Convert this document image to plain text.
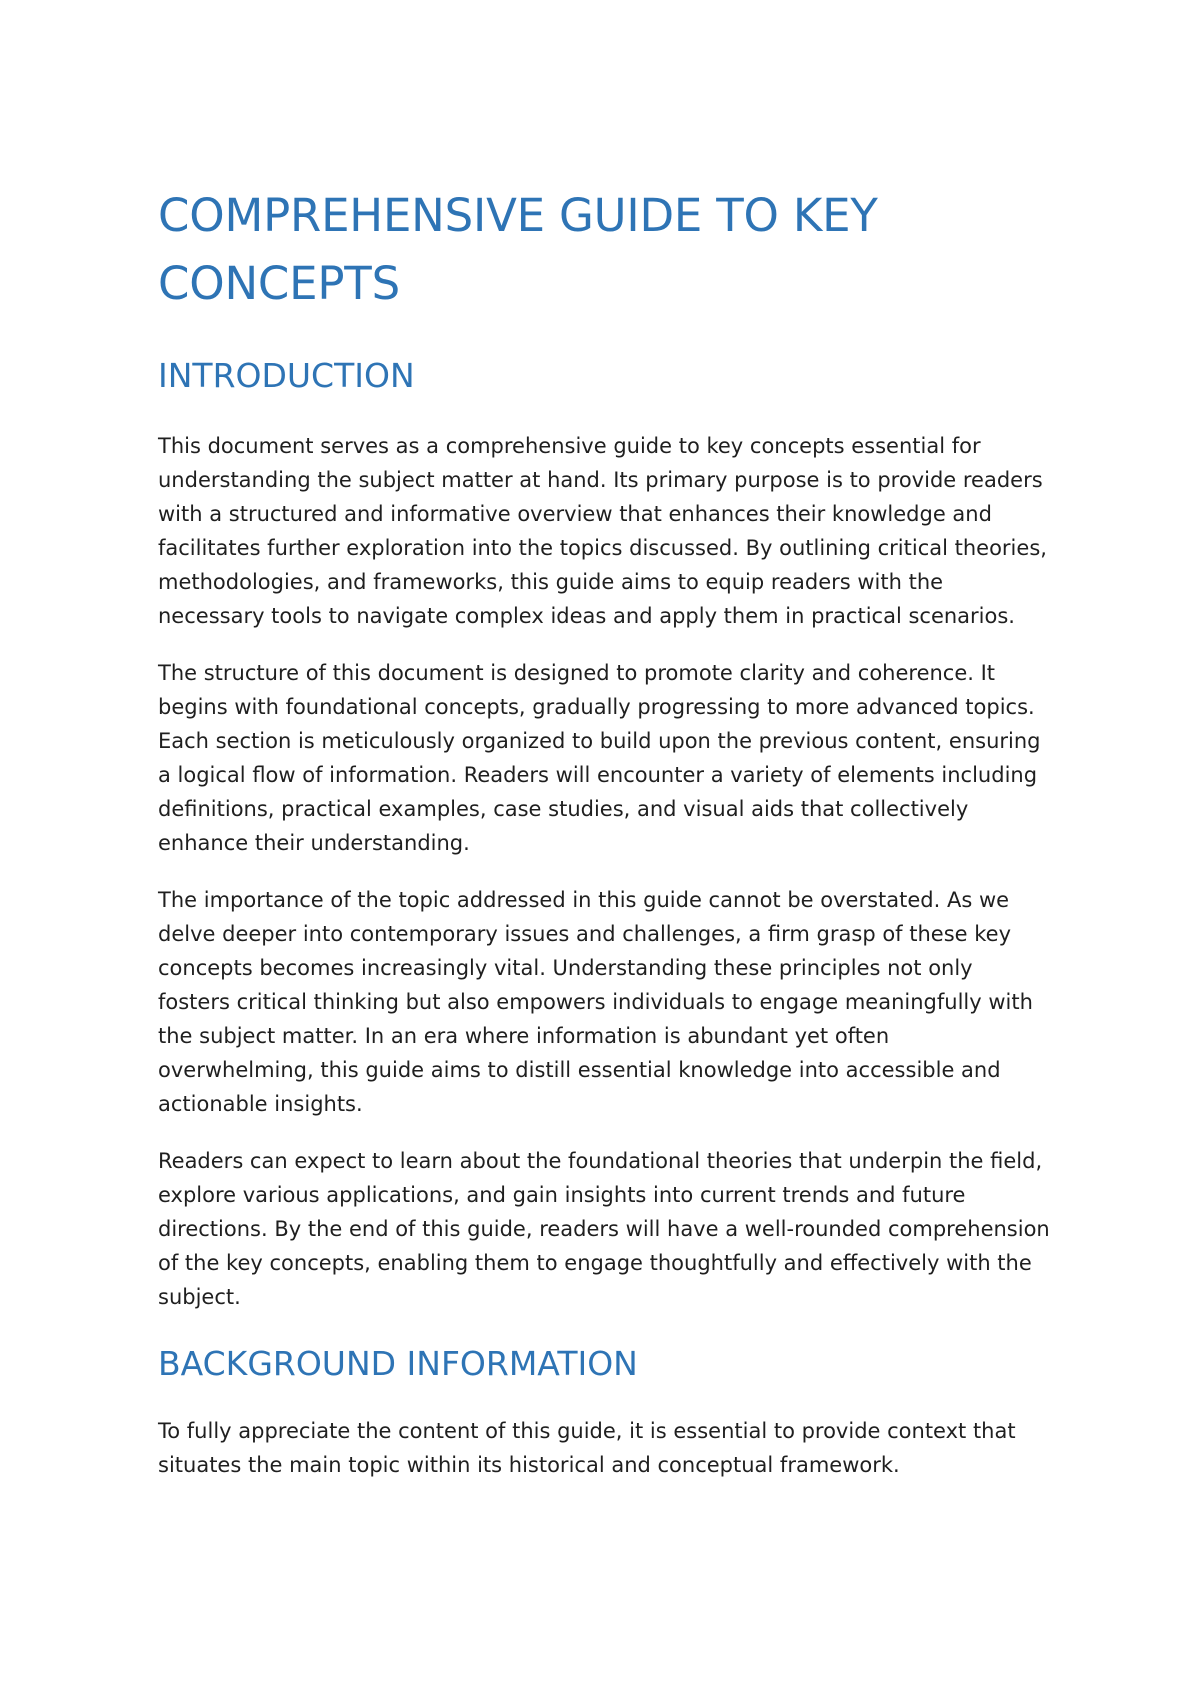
COMPREHENSIVE GUIDE TO KEY CONCEPTS
INTRODUCTION

This document serves as a comprehensive guide to key concepts essential for understanding the subject matter at hand. Its primary purpose is to provide readers with a structured and informative overview that enhances their knowledge and facilitates further exploration into the topics discussed. By outlining critical theories, methodologies, and frameworks, this guide aims to equip readers with the necessary tools to navigate complex ideas and apply them in practical scenarios.

The structure of this document is designed to promote clarity and coherence. It begins with foundational concepts, gradually progressing to more advanced topics. Each section is meticulously organized to build upon the previous content, ensuring a logical flow of information. Readers will encounter a variety of elements including definitions, practical examples, case studies, and visual aids that collectively enhance their understanding.

The importance of the topic addressed in this guide cannot be overstated. As we delve deeper into contemporary issues and challenges, a firm grasp of these key concepts becomes increasingly vital. Understanding these principles not only fosters critical thinking but also empowers individuals to engage meaningfully with the subject matter. In an era where information is abundant yet often overwhelming, this guide aims to distill essential knowledge into accessible and actionable insights.

Readers can expect to learn about the foundational theories that underpin the field, explore various applications, and gain insights into current trends and future directions. By the end of this guide, readers will have a well-rounded comprehension of the key concepts, enabling them to engage thoughtfully and effectively with the subject.

BACKGROUND INFORMATION

To fully appreciate the content of this guide, it is essential to provide context that situates the main topic within its historical and conceptual framework.
